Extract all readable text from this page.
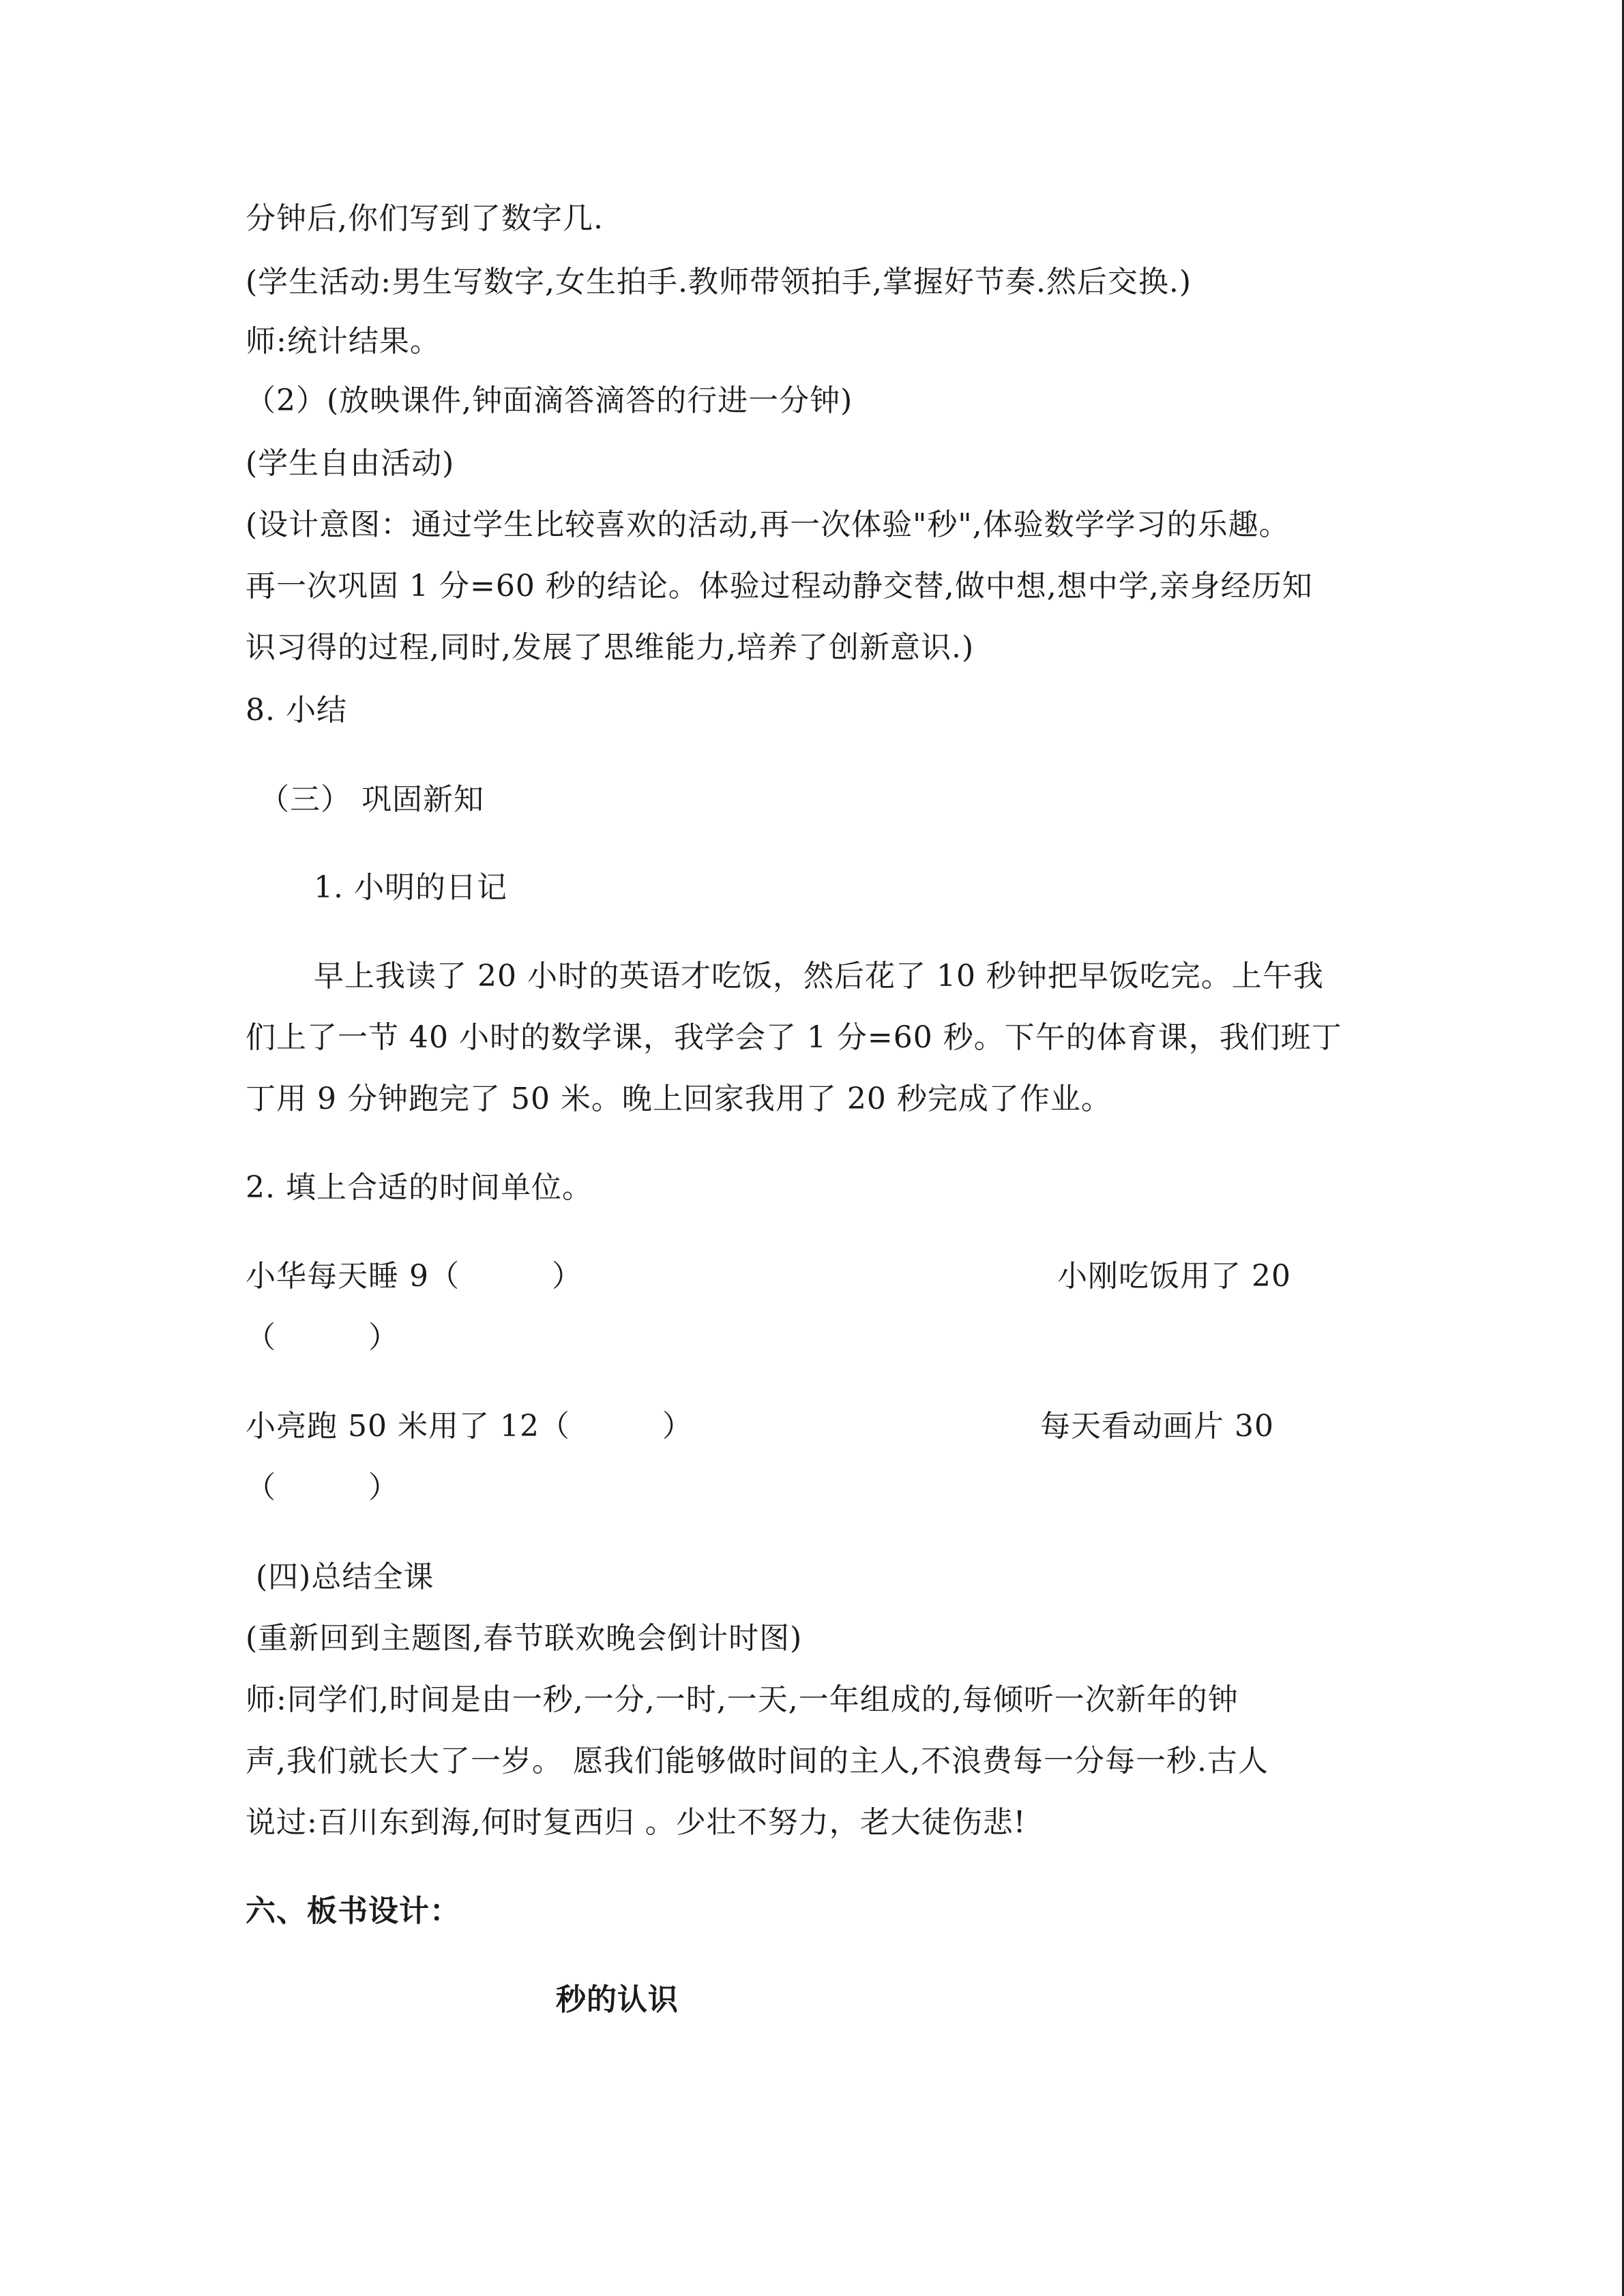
分钟后,你们写到了数字几.
(学生活动:男生写数字,女生拍手.教师带领拍手,掌握好节奏.然后交换.)
师:统计结果。
（2）(放映课件,钟面滴答滴答的行进一分钟)
(学生自由活动)
(设计意图：通过学生比较喜欢的活动,再一次体验"秒",体验数学学习的乐趣。
再一次巩固 1 分=60 秒的结论。体验过程动静交替,做中想,想中学,亲身经历知
识习得的过程,同时,发展了思维能力,培养了创新意识.)
8. 小结
（三） 巩固新知
1. 小明的日记
早上我读了 20 小时的英语才吃饭，然后花了 10 秒钟把早饭吃完。上午我
们上了一节 40 小时的数学课，我学会了 1 分=60 秒。下午的体育课，我们班丁
丁用 9 分钟跑完了 50 米。晚上回家我用了 20 秒完成了作业。
2. 填上合适的时间单位。
小华每天睡 9（　　　）	小刚吃饭用了 20
（　　　）
小亮跑 50 米用了 12（　　　）	每天看动画片 30
（　　　）
(四)总结全课
(重新回到主题图,春节联欢晚会倒计时图)
师:同学们,时间是由一秒,一分,一时,一天,一年组成的,每倾听一次新年的钟
声,我们就长大了一岁。 愿我们能够做时间的主人,不浪费每一分每一秒.古人
说过:百川东到海,何时复西归 。少壮不努力，老大徒伤悲!
六、板书设计：
秒的认识
